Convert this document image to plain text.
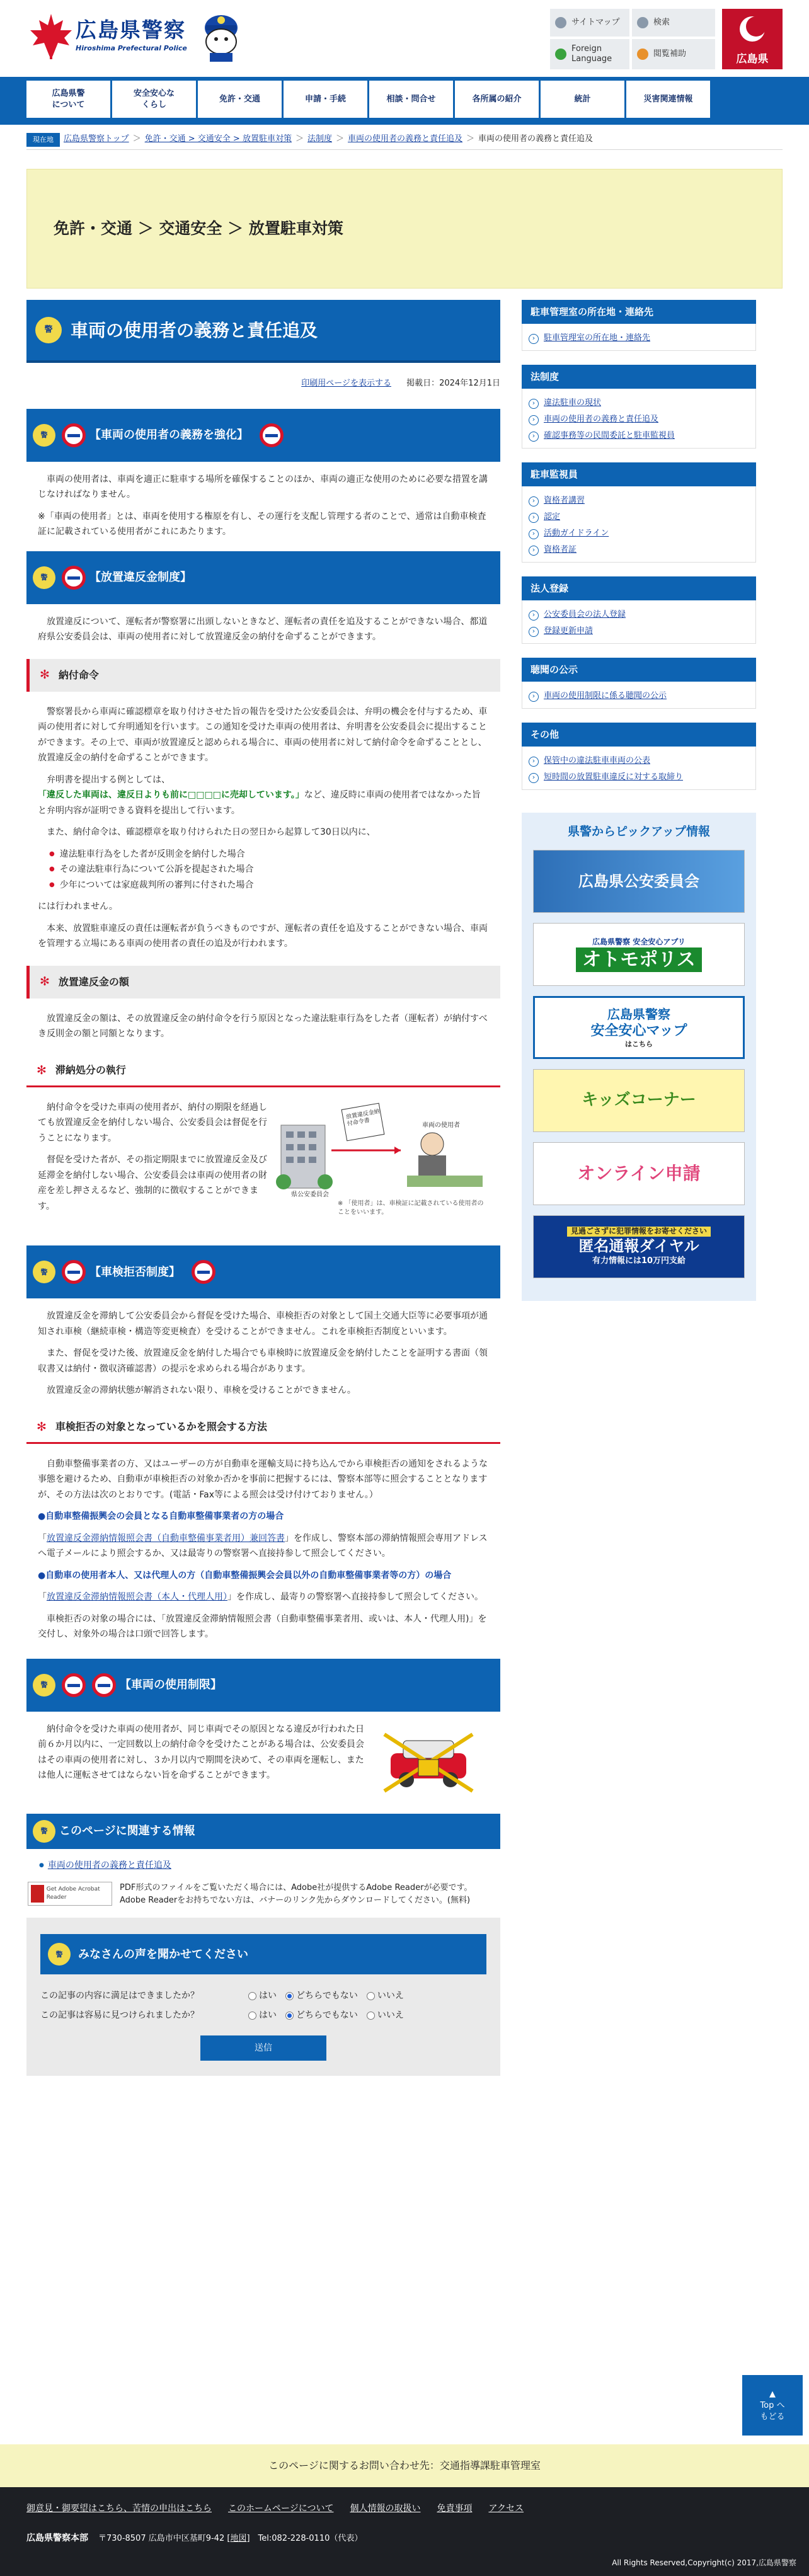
広島県警察
Hiroshima Prefectural Police
サイトマップ	検索
Foreign Language
閲覧補助	広島県
広島県警
について
安全安心な
くらし
免許・交通	申請・手続	相談・問合せ	各所属の紹介	統計	災害関連情報
現在地	広島県警察トップ ＞ 免許・交通 > 交通安全 > 放置駐車対策 ＞ 法制度 ＞ 車両の使用者の義務と責任追及 ＞ 車両の使用者の義務と責任追及
免許・交通 ＞ 交通安全 ＞ 放置駐車対策
警	車両の使用者の義務と責任追及
印刷用ページを表示する 掲載日：2024年12月1日
警	【車両の使用者の義務を強化】

車両の使用者は、車両を適正に駐車する場所を確保することのほか、車両の適正な使用のために必要な措置を講じなければなりません。

※「車両の使用者」とは、車両を使用する権原を有し、その運行を支配し管理する者のことで、通常は自動車検査証に記載されている使用者がこれにあたります。

警	【放置違反金制度】

放置違反について、運転者が警察署に出頭しないときなど、運転者の責任を追及することができない場合、都道府県公安委員会は、車両の使用者に対して放置違反金の納付を命ずることができます。

✻ 納付命令

警察署長から車両に確認標章を取り付けさせた旨の報告を受けた公安委員会は、弁明の機会を付与するため、車両の使用者に対して弁明通知を行います。この通知を受けた車両の使用者は、弁明書を公安委員会に提出することができます。その上で、車両が放置違反と認められる場合に、車両の使用者に対して納付命令を命ずることとし、放置違反金の納付を命ずることができます。

弁明書を提出する例としては、
「違反した車両は、違反日よりも前に□□□□に売却しています。」など、違反時に車両の使用者ではなかった旨と弁明内容が証明できる資料を提出して行います。

また、納付命令は、確認標章を取り付けられた日の翌日から起算して30日以内に、

● 違法駐車行為をした者が反則金を納付した場合
● その違法駐車行為について公訴を提起された場合
● 少年については家庭裁判所の審判に付された場合

には行われません。

本来、放置駐車違反の責任は運転者が負うべきものですが、運転者の責任を追及することができない場合、車両を管理する立場にある車両の使用者の責任の追及が行われます。

✻ 放置違反金の額

放置違反金の額は、その放置違反金の納付命令を行う原因となった違法駐車行為をした者（運転者）が納付すべき反則金の額と同額となります。

✻ 滞納処分の執行

納付命令を受けた車両の使用者が、納付の期限を経過しても放置違反金を納付しない場合、公安委員会は督促を行うことになります。

督促を受けた者が、その指定期限までに放置違反金及び延滞金を納付しない場合、公安委員会は車両の使用者の財産を差し押さえるなど、強制的に徴収することができます。

県公安委員会
放置違反金納付命令書	車両の使用者
※ 「使用者」は、車検証に記載されている使用者のことをいいます。
警	【車検拒否制度】

放置違反金を滞納して公安委員会から督促を受けた場合、車検拒否の対象として国土交通大臣等に必要事項が通知され車検（継続車検・構造等変更検査）を受けることができません。これを車検拒否制度といいます。

また、督促を受けた後、放置違反金を納付した場合でも車検時に放置違反金を納付したことを証明する書面（領収書又は納付・徴収済確認書）の提示を求められる場合があります。

放置違反金の滞納状態が解消されない限り、車検を受けることができません。

✻ 車検拒否の対象となっているかを照会する方法

自動車整備事業者の方、又はユーザーの方が自動車を運輸支局に持ち込んでから車検拒否の通知をされるような事態を避けるため、自動車が車検拒否の対象か否かを事前に把握するには、警察本部等に照会することとなりますが、その方法は次のとおりです。(電話・Fax等による照会は受け付けておりません。）

●自動車整備振興会の会員となる自動車整備事業者の方の場合

「放置違反金滞納情報照会書（自動車整備事業者用）兼回答書」を作成し、警察本部の滞納情報照会専用アドレスへ電子メールにより照会するか、又は最寄りの警察署へ直接持参して照会してください。

●自動車の使用者本人、又は代理人の方（自動車整備振興会会員以外の自動車整備事業者等の方）の場合

「放置違反金滞納情報照会書（本人・代理人用）」を作成し、最寄りの警察署へ直接持参して照会してください。

車検拒否の対象の場合には、「放置違反金滞納情報照会書（自動車整備事業者用、或いは、本人・代理人用)」を交付し、対象外の場合は口頭で回答します。

警	【車両の使用制限】

納付命令を受けた車両の使用者が、同じ車両でその原因となる違反が行われた日前６か月以内に、一定回数以上の納付命令を受けたことがある場合は、公安委員会はその車両の使用者に対し、３か月以内で期間を決めて、その車両を運転し、または他人に運転させてはならない旨を命ずることができます。

警	このページに関連する情報
● 車両の使用者の義務と責任追及
Get Adobe Acrobat Reader
PDF形式のファイルをご覧いただく場合には、Adobe社が提供するAdobe Readerが必要です。
Adobe Readerをお持ちでない方は、バナーのリンク先からダウンロードしてください。(無料)
警	みなさんの声を聞かせてください
この記事の内容に満足はできましたか？	はい どちらでもない いいえ
この記事は容易に見つけられましたか？	はい どちらでもない いいえ
送信
駐車管理室の所在地・連絡先
› 駐車管理室の所在地・連絡先
法制度
› 違法駐車の現状
› 車両の使用者の義務と責任追及
› 確認事務等の民間委託と駐車監視員
駐車監視員
› 資格者講習
› 認定
› 活動ガイドライン
› 資格者証
法人登録
› 公安委員会の法人登録
› 登録更新申請
聴聞の公示
› 車両の使用制限に係る聴聞の公示
その他
› 保管中の違法駐車車両の公表
› 短時間の放置駐車違反に対する取締り
県警からピックアップ情報
広島県公安委員会
広島県警察 安全安心アプリ
オトモポリス
広島県警察
安全安心マップ
はこちら
キッズコーナー
オンライン申請
見過ごさずに犯罪情報をお寄せください
匿名通報ダイヤル
有力情報には10万円支給
▲
Top へ
もどる
このページに関するお問い合わせ先：交通指導課駐車管理室
御意見・御要望はこちら、苦情の申出はこちら このホームページについて 個人情報の取扱い 免責事項 アクセス
広島県警察本部 〒730-8507 広島市中区基町9-42 [地図]　 Tel:082-228-0110（代表）
All Rights Reserved,Copyright(c) 2017,広島県警察
